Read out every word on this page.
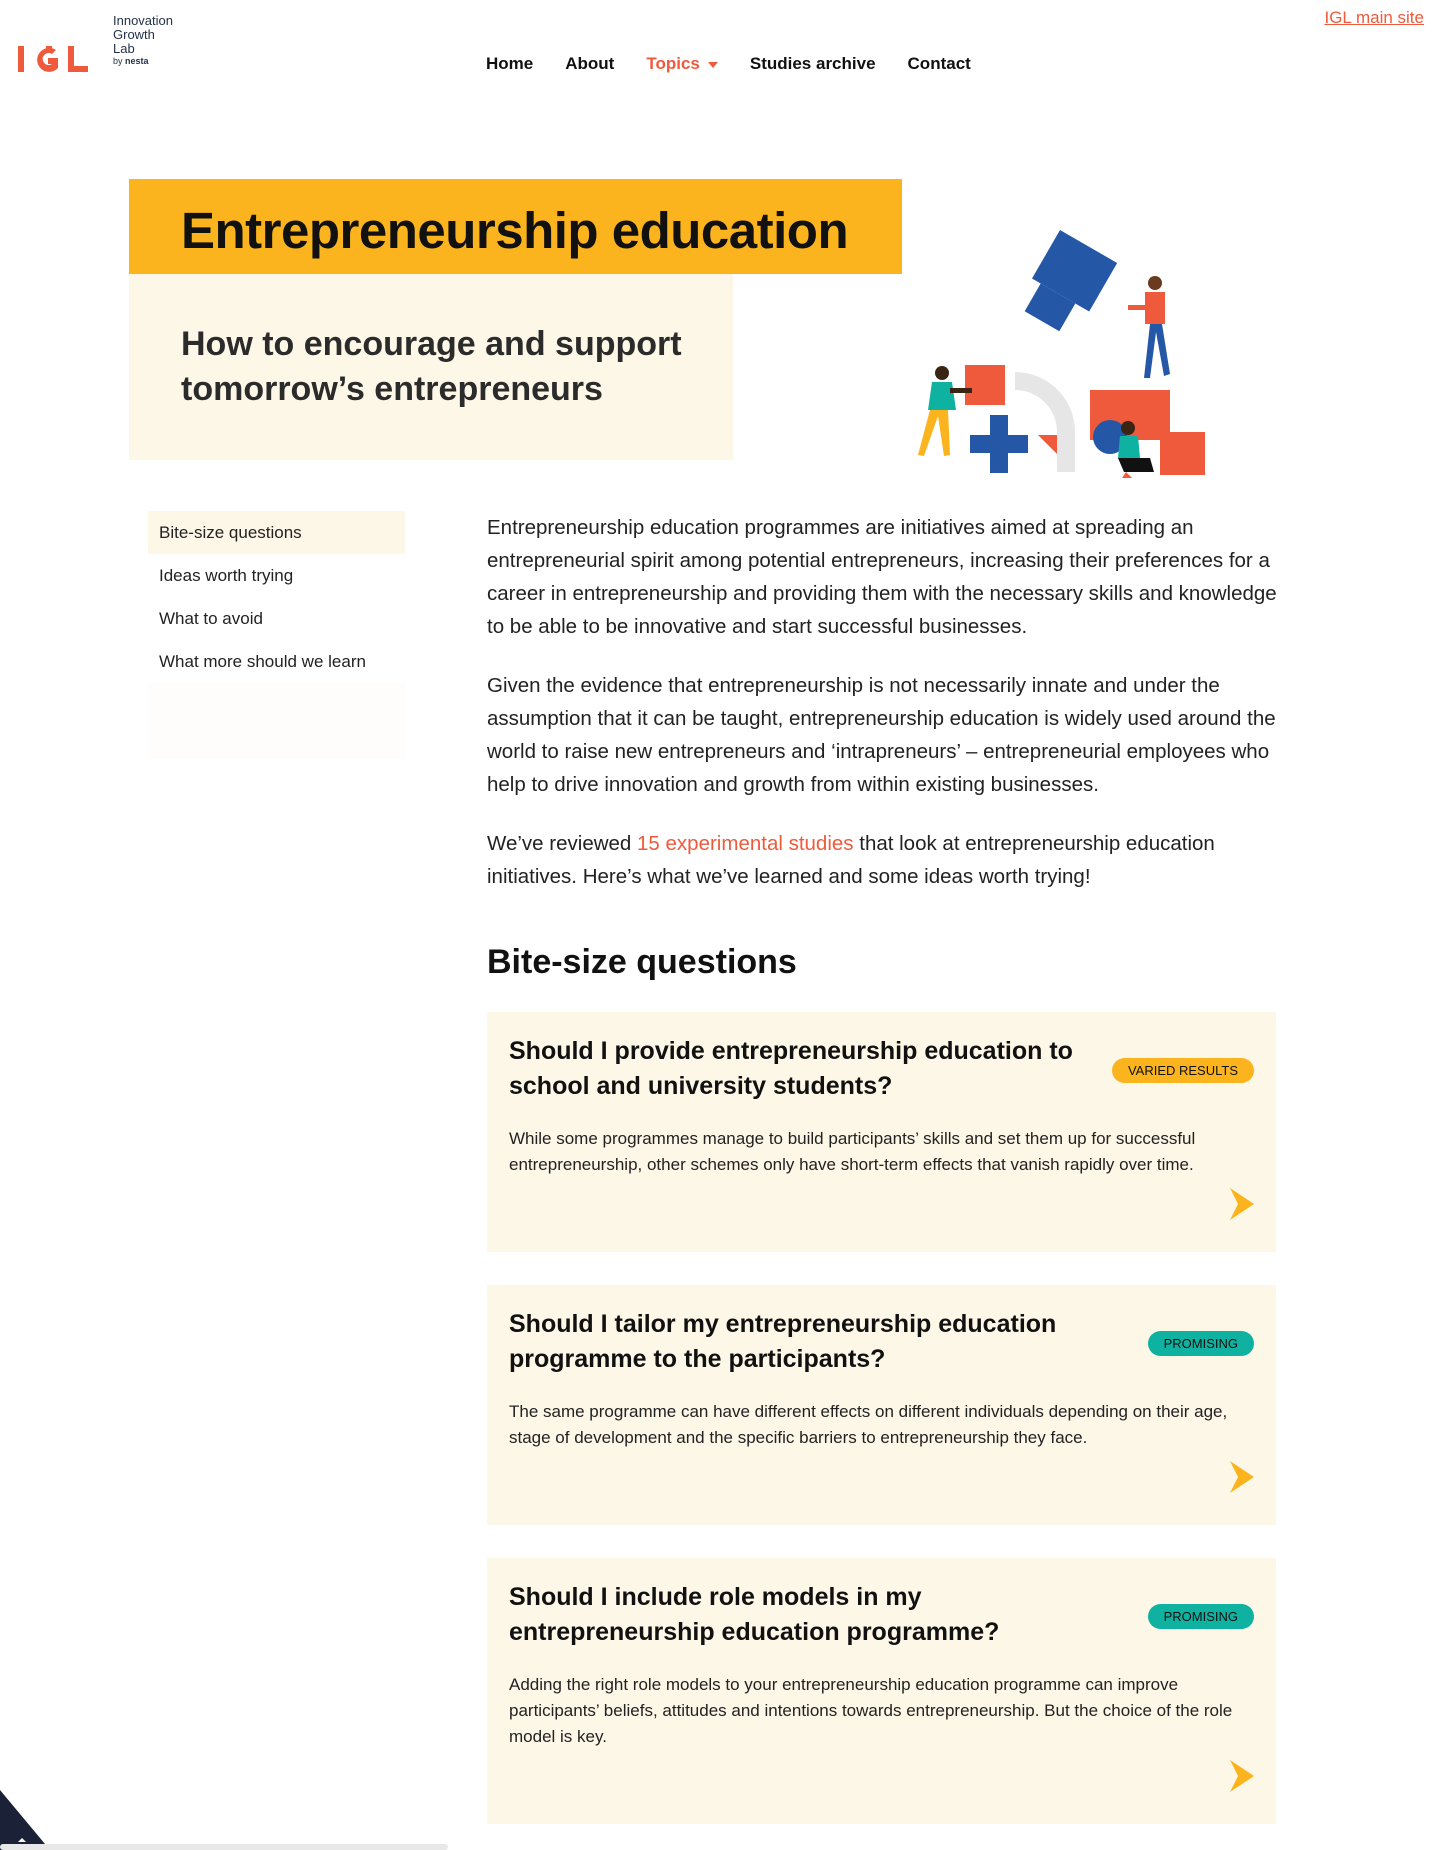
Innovation
Growth Lab
by nesta	Home About Topics	Studies archive Contact
IGL main site
Entrepreneurship education
How to encourage and support tomorrow’s entrepreneurs
Bite-size questions
Ideas worth trying
What to avoid
What more should we learn

Entrepreneurship education programmes are initiatives aimed at spreading an entrepreneurial spirit among potential entrepreneurs, increasing their preferences for a career in entrepreneurship and providing them with the necessary skills and knowledge to be able to be innovative and start successful businesses.

Given the evidence that entrepreneurship is not necessarily innate and under the assumption that it can be taught, entrepreneurship education is widely used around the world to raise new entrepreneurs and ‘intrapreneurs’ – entrepreneurial employees who help to drive innovation and growth from within existing businesses.

We’ve reviewed 15 experimental studies that look at entrepreneurship education initiatives. Here’s what we’ve learned and some ideas worth trying!

Bite-size questions
Should I provide entrepreneurship education to school and university students?
VARIED RESULTS
While some programmes manage to build participants’ skills and set them up for successful entrepreneurship, other schemes only have short-term effects that vanish rapidly over time.
Should I tailor my entrepreneurship education programme to the participants?
PROMISING
The same programme can have different effects on different individuals depending on their age, stage of development and the specific barriers to entrepreneurship they face.
Should I include role models in my entrepreneurship education programme?
PROMISING
Adding the right role models to your entrepreneurship education programme can improve participants’ beliefs, attitudes and intentions towards entrepreneurship. But the choice of the role model is key.
